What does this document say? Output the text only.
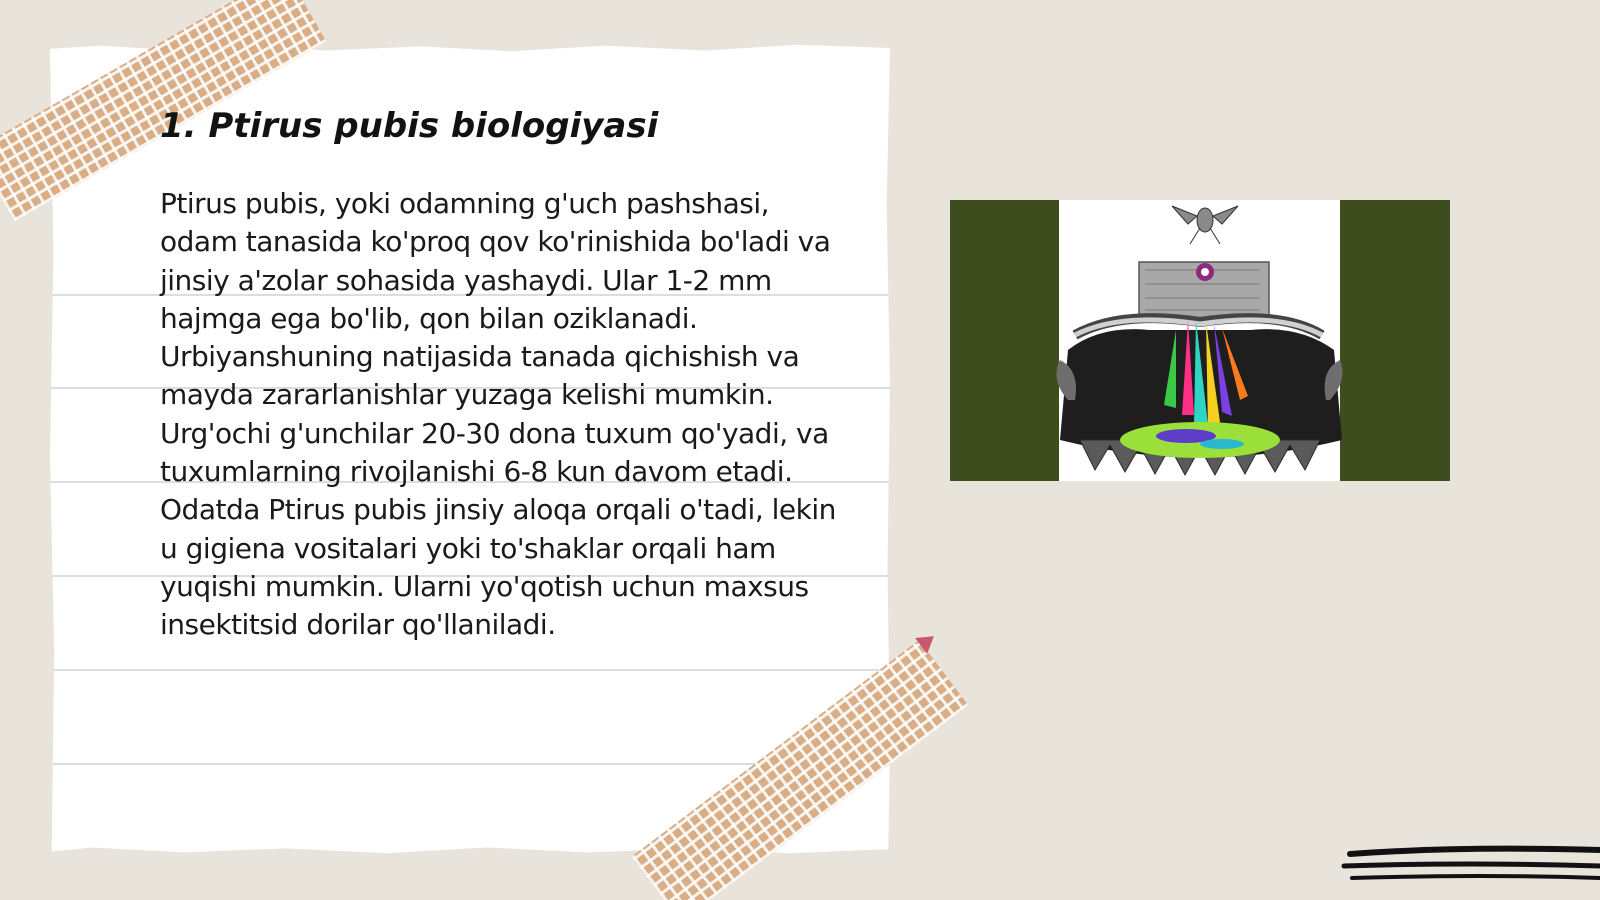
1. Ptirus pubis biologiyasi

Ptirus pubis, yoki odamning g'uch pashshasi, odam tanasida ko'proq qov ko'rinishida bo'ladi va jinsiy a'zolar sohasida yashaydi. Ular 1-2 mm hajmga ega bo'lib, qon bilan oziklanadi. Urbiyanshuning natijasida tanada qichishish va mayda zararlanishlar yuzaga kelishi mumkin. Urg'ochi g'unchilar 20-30 dona tuxum qo'yadi, va tuxumlarning rivojlanishi 6-8 kun davom etadi. Odatda Ptirus pubis jinsiy aloqa orqali o'tadi, lekin u gigiena vositalari yoki to'shaklar orqali ham yuqishi mumkin. Ularni yo'qotish uchun maxsus insektitsid dorilar qo'llaniladi.
